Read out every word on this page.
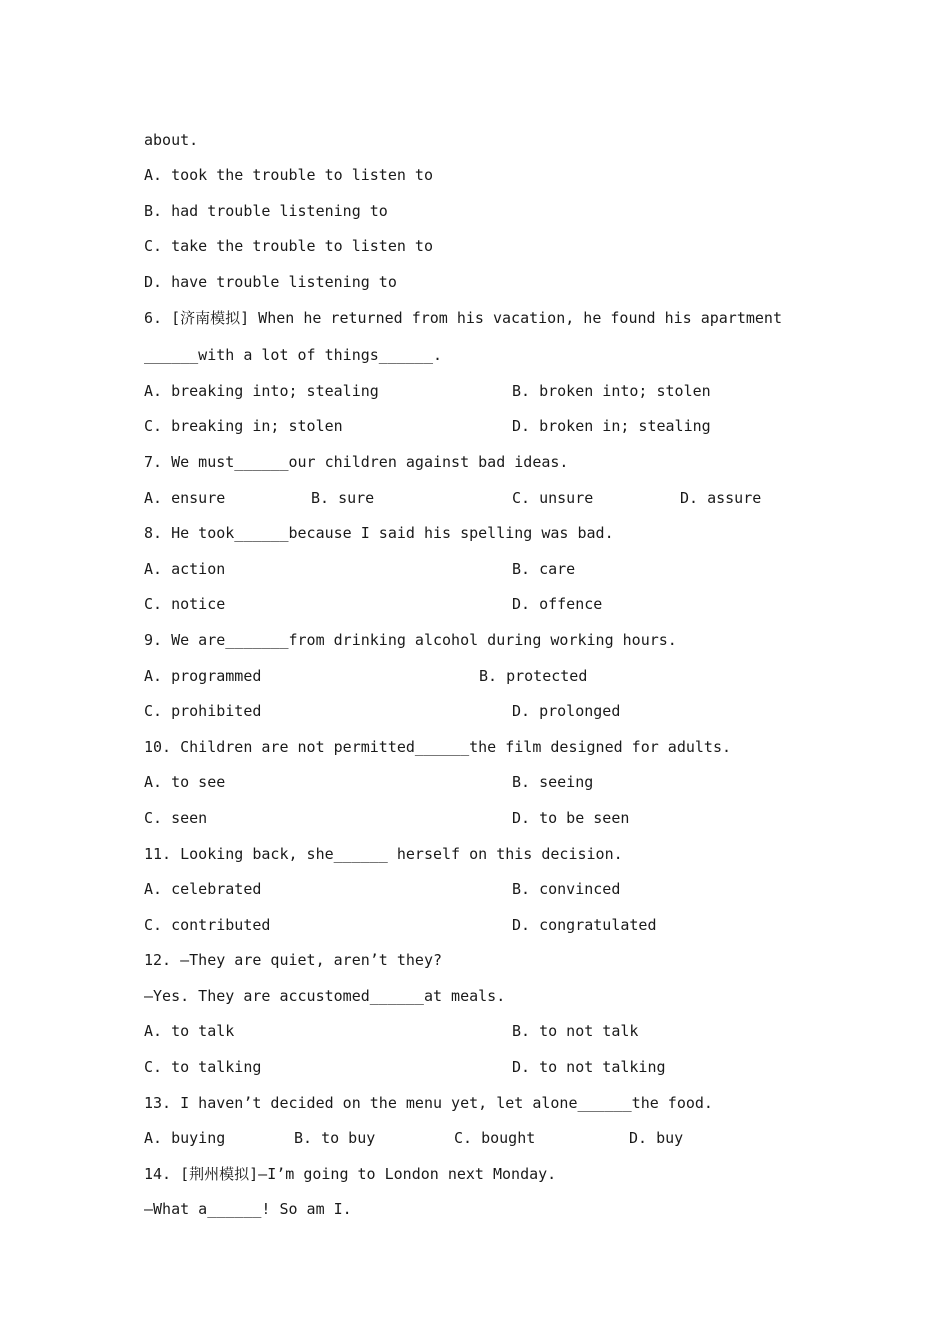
about.
A. took the trouble to listen to
B. had trouble listening to
C. take the trouble to listen to
D. have trouble listening to
6. [济南模拟] When he returned from his vacation, he found his apartment
______with a lot of things______.
A. breaking into; stealing	B. broken into; stolen
C. breaking in; stolen	D. broken in; stealing
7. We must______our children against bad ideas.
A. ensure	B. sure	C. unsure	D. assure
8. He took______because I said his spelling was bad.
A. action	B. care
C. notice	D. offence
9. We are_______from drinking alcohol during working hours.
A. programmed	B. protected
C. prohibited	D. prolonged
10. Children are not permitted______the film designed for adults.
A. to see	B. seeing
C. seen	D. to be seen
11. Looking back, she______ herself on this decision.
A. celebrated	B. convinced
C. contributed	D. congratulated
12. —They are quiet, aren’t they?
—Yes. They are accustomed______at meals.
A. to talk	B. to not talk
C. to talking	D. to not talking
13. I haven’t decided on the menu yet, let alone______the food.
A. buying	B. to buy	C. bought	D. buy
14. [荆州模拟]—I’m going to London next Monday.
—What a______! So am I.
